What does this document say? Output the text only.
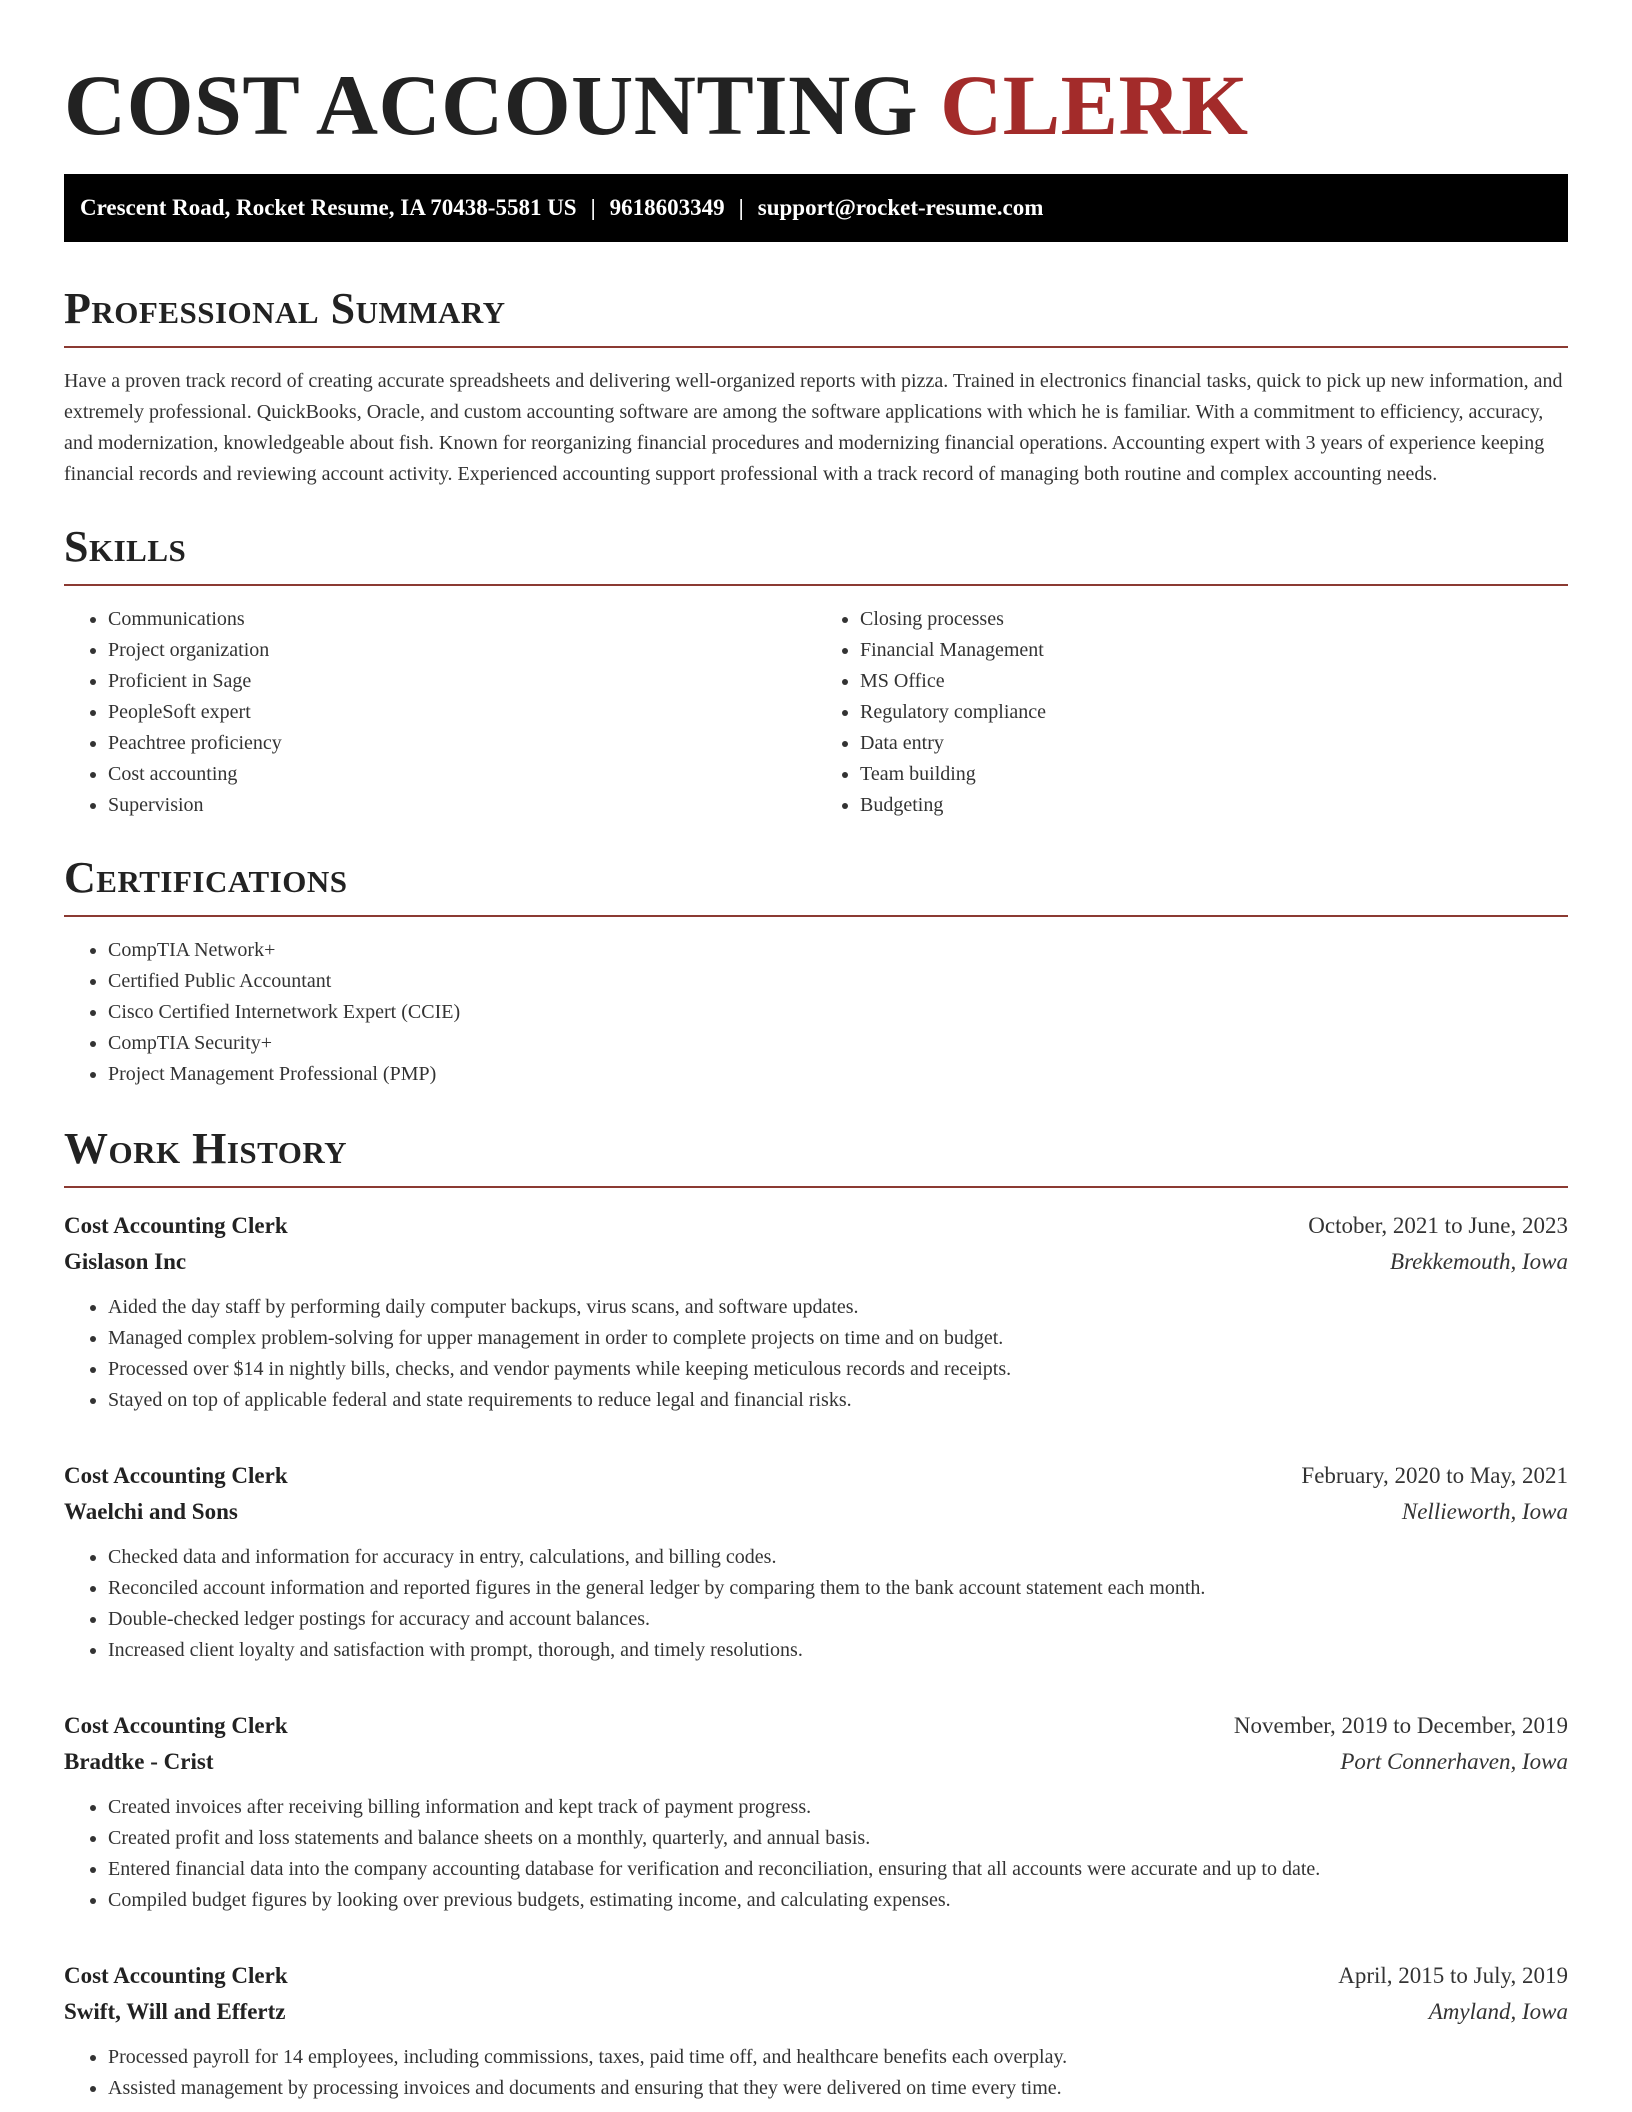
COST ACCOUNTING CLERK
Crescent Road, Rocket Resume, IA 70438-5581 US | 9618603349 | support@rocket-resume.com
Professional Summary

Have a proven track record of creating accurate spreadsheets and delivering well-organized reports with pizza. Trained in electronics financial tasks, quick to pick up new information, and extremely professional. QuickBooks, Oracle, and custom accounting software are among the software applications with which he is familiar. With a commitment to efficiency, accuracy, and modernization, knowledgeable about fish. Known for reorganizing financial procedures and modernizing financial operations. Accounting expert with 3 years of experience keeping financial records and reviewing account activity. Experienced accounting support professional with a track record of managing both routine and complex accounting needs.

Skills
• Communications
• Project organization
• Proficient in Sage
• PeopleSoft expert
• Peachtree proficiency
• Cost accounting
• Supervision
• Closing processes
• Financial Management
• MS Office
• Regulatory compliance
• Data entry
• Team building
• Budgeting
Certifications
• CompTIA Network+
• Certified Public Accountant
• Cisco Certified Internetwork Expert (CCIE)
• CompTIA Security+
• Project Management Professional (PMP)
Work History
Cost Accounting Clerk	October, 2021 to June, 2023
Gislason Inc	Brekkemouth, Iowa
• Aided the day staff by performing daily computer backups, virus scans, and software updates.
• Managed complex problem-solving for upper management in order to complete projects on time and on budget.
• Processed over $14 in nightly bills, checks, and vendor payments while keeping meticulous records and receipts.
• Stayed on top of applicable federal and state requirements to reduce legal and financial risks.
Cost Accounting Clerk	February, 2020 to May, 2021
Waelchi and Sons	Nellieworth, Iowa
• Checked data and information for accuracy in entry, calculations, and billing codes.
• Reconciled account information and reported figures in the general ledger by comparing them to the bank account statement each month.
• Double-checked ledger postings for accuracy and account balances.
• Increased client loyalty and satisfaction with prompt, thorough, and timely resolutions.
Cost Accounting Clerk	November, 2019 to December, 2019
Bradtke - Crist	Port Connerhaven, Iowa
• Created invoices after receiving billing information and kept track of payment progress.
• Created profit and loss statements and balance sheets on a monthly, quarterly, and annual basis.
• Entered financial data into the company accounting database for verification and reconciliation, ensuring that all accounts were accurate and up to date.
• Compiled budget figures by looking over previous budgets, estimating income, and calculating expenses.
Cost Accounting Clerk	April, 2015 to July, 2019
Swift, Will and Effertz	Amyland, Iowa
• Processed payroll for 14 employees, including commissions, taxes, paid time off, and healthcare benefits each overplay.
• Assisted management by processing invoices and documents and ensuring that they were delivered on time every time.
